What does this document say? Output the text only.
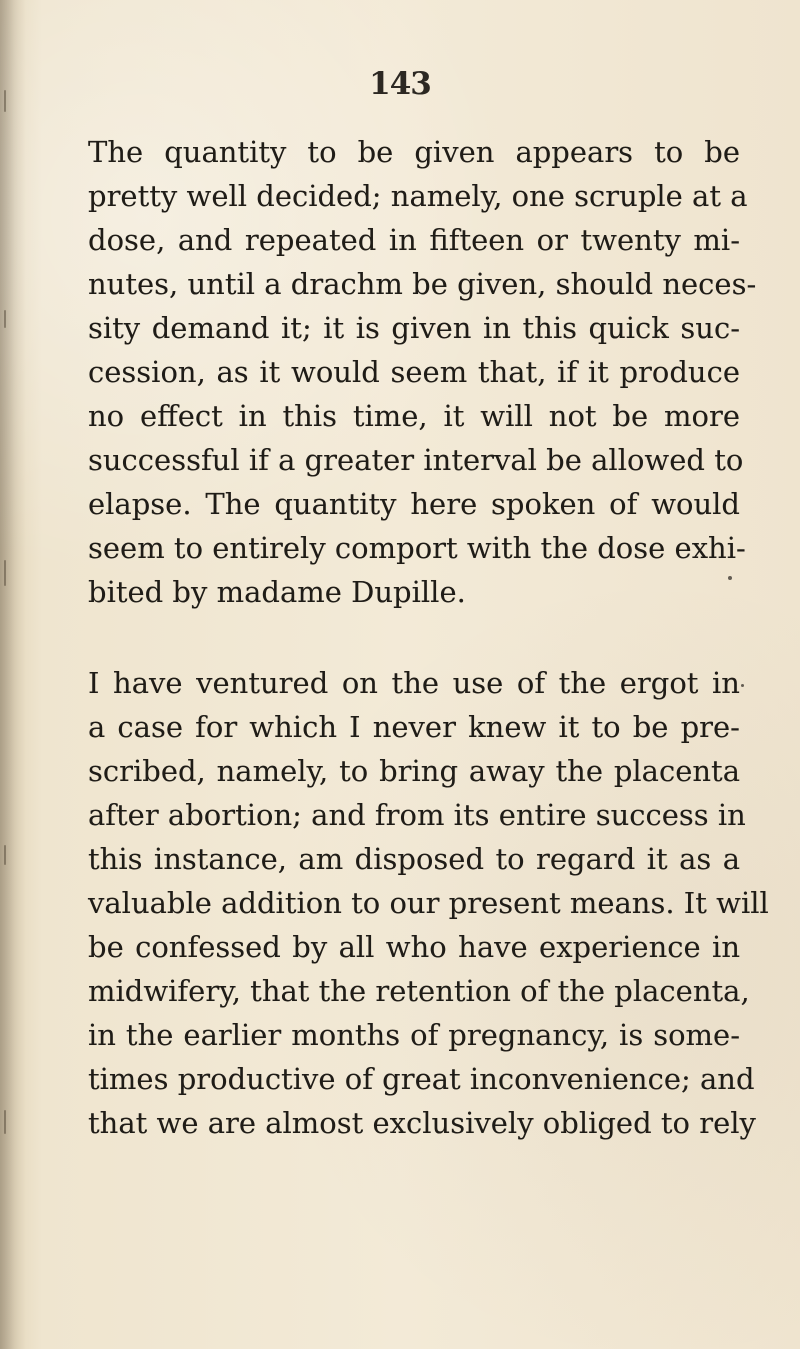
143
The quantity to be given appears to be
pretty well decided; namely, one scruple at a
dose, and repeated in fifteen or twenty mi-
nutes, until a drachm be given, should neces-
sity demand it; it is given in this quick suc-
cession, as it would seem that, if it produce
no effect in this time, it will not be more
successful if a greater interval be allowed to
elapse. The quantity here spoken of would
seem to entirely comport with the dose exhi-
bited by madame Dupille.
I have ventured on the use of the ergot in
a case for which I never knew it to be pre-
scribed, namely, to bring away the placenta
after abortion; and from its entire success in
this instance, am disposed to regard it as a
valuable addition to our present means. It will
be confessed by all who have experience in
midwifery, that the retention of the placenta,
in the earlier months of pregnancy, is some-
times productive of great inconvenience; and
that we are almost exclusively obliged to rely
